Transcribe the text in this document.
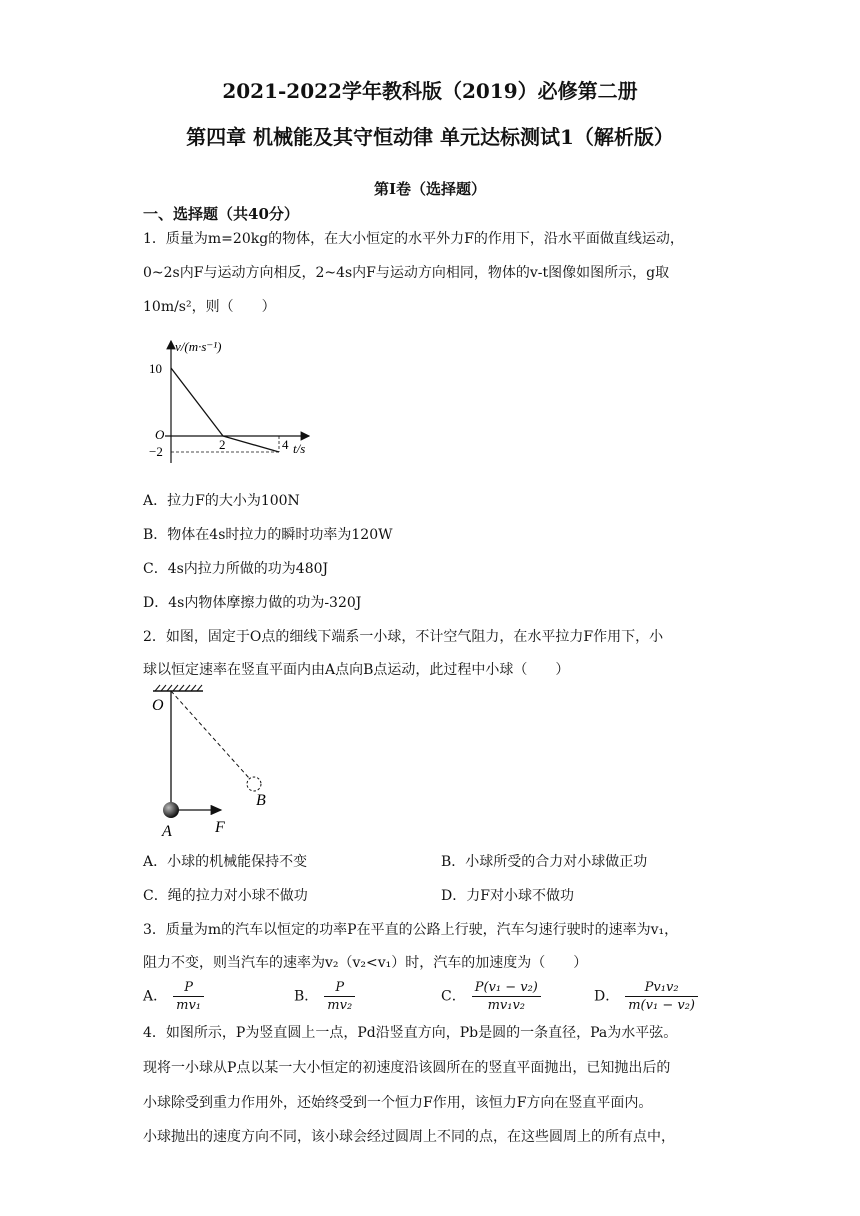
2021-2022学年教科版（2019）必修第二册
第四章 机械能及其守恒动律 单元达标测试1（解析版）
第Ⅰ卷（选择题）
一、选择题（共40分）
1．质量为m=20kg的物体，在大小恒定的水平外力F的作用下，沿水平面做直线运动，
0~2s内F与运动方向相反，2~4s内F与运动方向相同，物体的v-t图像如图所示，g取
10m/s²，则（　　）
v/(m·s⁻¹)
10
O
−2	2	4 t/s
A．拉力F的大小为100N
B．物体在4s时拉力的瞬时功率为120W
C．4s内拉力所做的功为480J
D．4s内物体摩擦力做的功为-320J
2．如图，固定于O点的细线下端系一小球，不计空气阻力，在水平拉力F作用下，小
球以恒定速率在竖直平面内由A点向B点运动，此过程中小球（　　）
O
B
A	F
A．小球的机械能保持不变	B．小球所受的合力对小球做正功
C．绳的拉力对小球不做功	D．力F对小球不做功
3．质量为m的汽车以恒定的功率P在平直的公路上行驶，汽车匀速行驶时的速率为v₁，
阻力不变，则当汽车的速率为v₂（v₂<v₁）时，汽车的加速度为（　　）
A． $\frac{P}{\text{mv₁}}$	B． $\frac{P}{\text{mv₂}}$	C． $\frac{\text{P(v₁ − v₂)}}{\text{mv₁v₂}}$	D． $\frac{\text{Pv₁v₂}}{\text{m(v₁ − v₂)}}$
4．如图所示，P为竖直圆上一点，Pd沿竖直方向，Pb是圆的一条直径，Pa为水平弦。
现将一小球从P点以某一大小恒定的初速度沿该圆所在的竖直平面抛出，已知抛出后的
小球除受到重力作用外，还始终受到一个恒力F作用，该恒力F方向在竖直平面内。
小球抛出的速度方向不同，该小球会经过圆周上不同的点，在这些圆周上的所有点中，
